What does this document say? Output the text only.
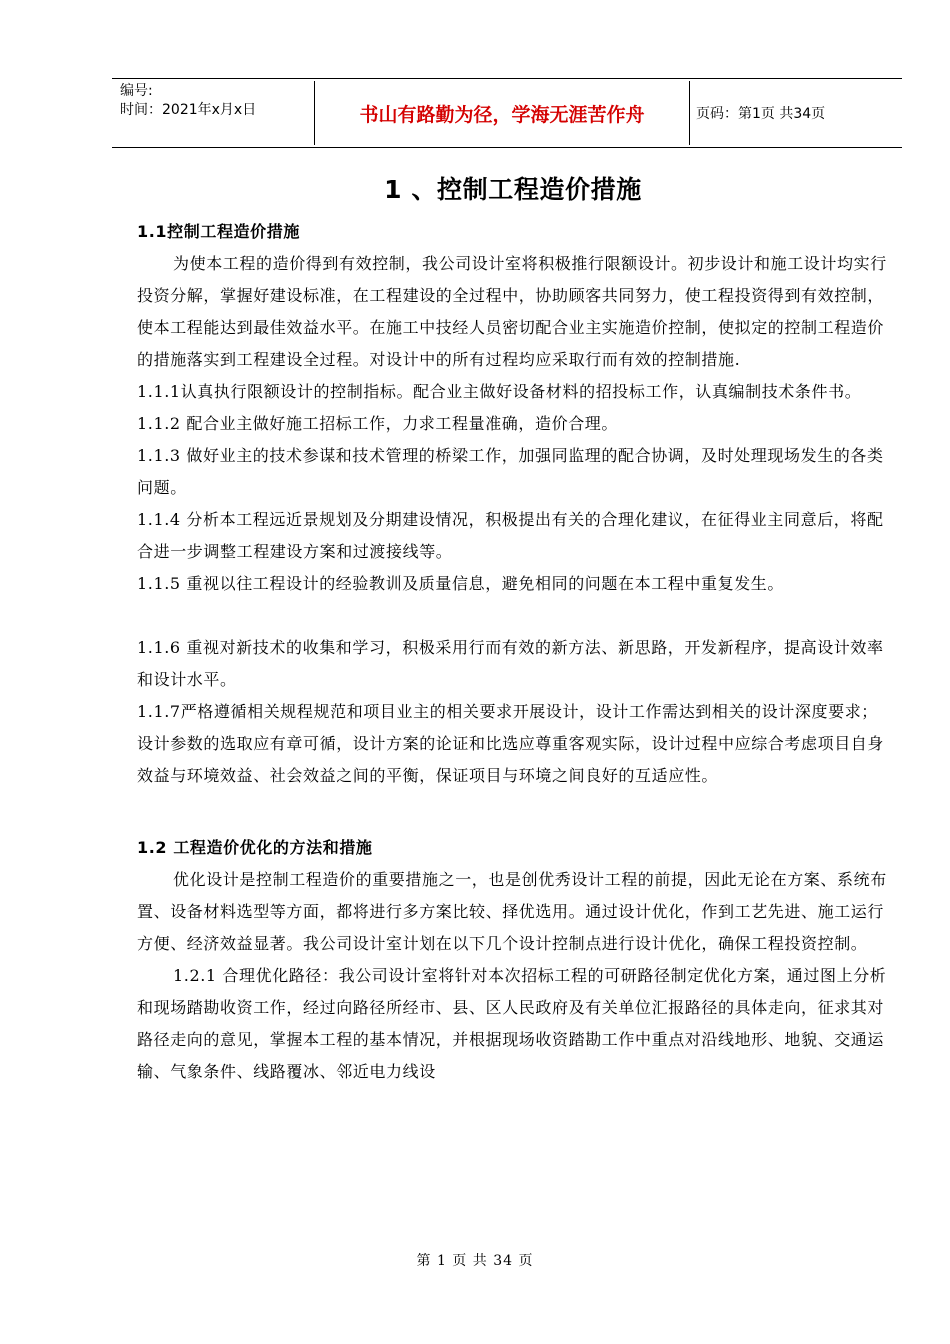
编号:
时间：2021年x月x日	书山有路勤为径，学海无涯苦作舟	页码：第1页 共34页
1 、控制工程造价措施

1.1控制工程造价措施

为使本工程的造价得到有效控制，我公司设计室将积极推行限额设计。初步设计和施工设计均实行投资分解，掌握好建设标准，在工程建设的全过程中，协助顾客共同努力，使工程投资得到有效控制，使本工程能达到最佳效益水平。在施工中技经人员密切配合业主实施造价控制，使拟定的控制工程造价的措施落实到工程建设全过程。对设计中的所有过程均应采取行而有效的控制措施.

1.1.1认真执行限额设计的控制指标。配合业主做好设备材料的招投标工作，认真编制技术条件书。

1.1.2 配合业主做好施工招标工作，力求工程量准确，造价合理。

1.1.3 做好业主的技术参谋和技术管理的桥梁工作，加强同监理的配合协调，及时处理现场发生的各类问题。

1.1.4 分析本工程远近景规划及分期建设情况，积极提出有关的合理化建议，在征得业主同意后，将配合进一步调整工程建设方案和过渡接线等。

1.1.5 重视以往工程设计的经验教训及质量信息，避免相同的问题在本工程中重复发生。

1.1.6 重视对新技术的收集和学习，积极采用行而有效的新方法、新思路，开发新程序，提高设计效率和设计水平。

1.1.7严格遵循相关规程规范和项目业主的相关要求开展设计，设计工作需达到相关的设计深度要求；设计参数的选取应有章可循，设计方案的论证和比选应尊重客观实际，设计过程中应综合考虑项目自身效益与环境效益、社会效益之间的平衡，保证项目与环境之间良好的互适应性。

1.2 工程造价优化的方法和措施

优化设计是控制工程造价的重要措施之一，也是创优秀设计工程的前提，因此无论在方案、系统布置、设备材料选型等方面，都将进行多方案比较、择优选用。通过设计优化，作到工艺先进、施工运行方便、经济效益显著。我公司设计室计划在以下几个设计控制点进行设计优化，确保工程投资控制。

1.2.1 合理优化路径：我公司设计室将针对本次招标工程的可研路径制定优化方案，通过图上分析和现场踏勘收资工作，经过向路径所经市、县、区人民政府及有关单位汇报路径的具体走向，征求其对路径走向的意见，掌握本工程的基本情况，并根据现场收资踏勘工作中重点对沿线地形、地貌、交通运输、气象条件、线路覆冰、邻近电力线设

第 1 页 共 34 页
